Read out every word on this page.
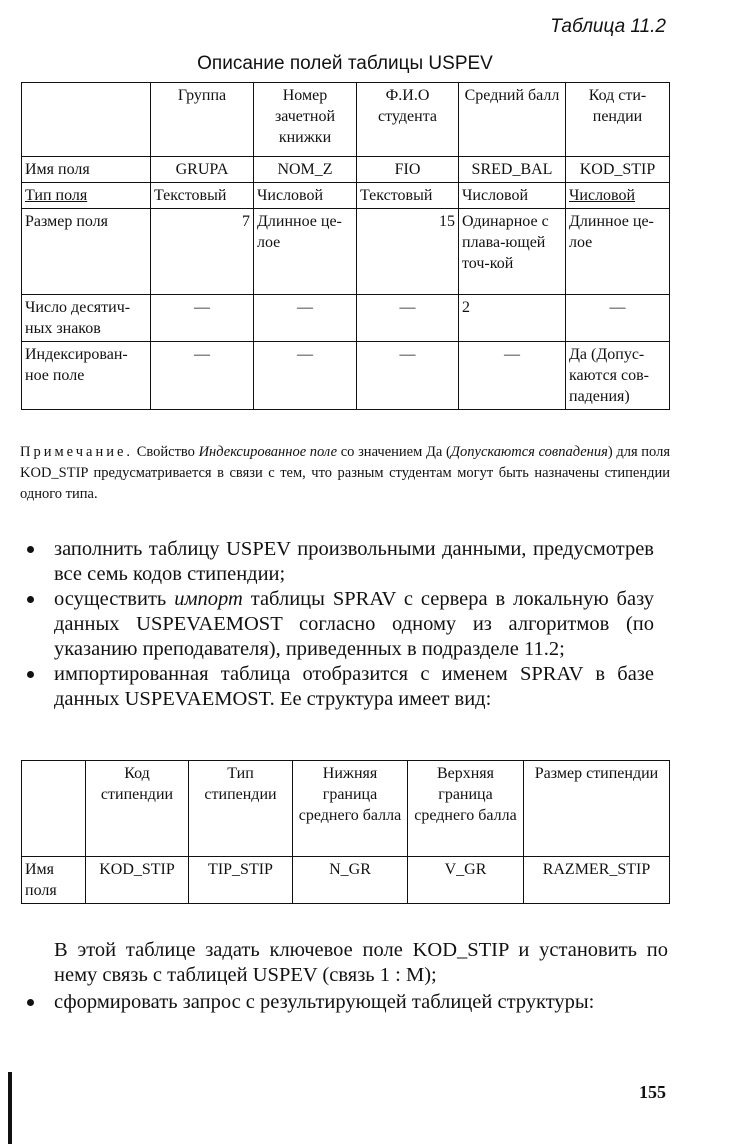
Таблица 11.2
Описание полей таблицы USPEV
	Группа	Номер зачетной книжки	Ф.И.О студента	Средний балл	Код сти-пендии
Имя поля	GRUPA	NOM_Z	FIO	SRED_BAL	KOD_STIP
Тип поля	Текстовый	Числовой	Текстовый	Числовой	Числовой
Размер поля	7	Длинное це-лое	15	Одинарное с плава-ющей точ-кой	Длинное це-лое
Число десятич-ных знаков	—	—	—	2	—
Индексирован-ное поле	—	—	—	—	Да (Допус-каются сов-падения)
Примечание. Свойство Индексированное поле со значением Да (Допускаются совпадения) для поля KOD_STIP предусматривается в связи с тем, что разным студентам могут быть назначены стипендии одного типа.
заполнить таблицу USPEV произвольными данными, предусмотрев все семь кодов стипендии;
осуществить импорт таблицы SPRAV с сервера в локальную базу данных USPEVAEMOST согласно одному из алгоритмов (по указанию преподавателя), приведенных в подразделе 11.2;
импортированная таблица отобразится с именем SPRAV в базе данных USPEVAEMOST. Ее структура имеет вид:
	Код стипендии	Тип стипендии	Нижняя граница среднего балла	Верхняя граница среднего балла	Размер стипендии
Имя поля	KOD_STIP	TIP_STIP	N_GR	V_GR	RAZMER_STIP
В этой таблице задать ключевое поле KOD_STIP и установить по нему связь с таблицей USPEV (связь 1 : M);
сформировать запрос с результирующей таблицей структуры:
155
